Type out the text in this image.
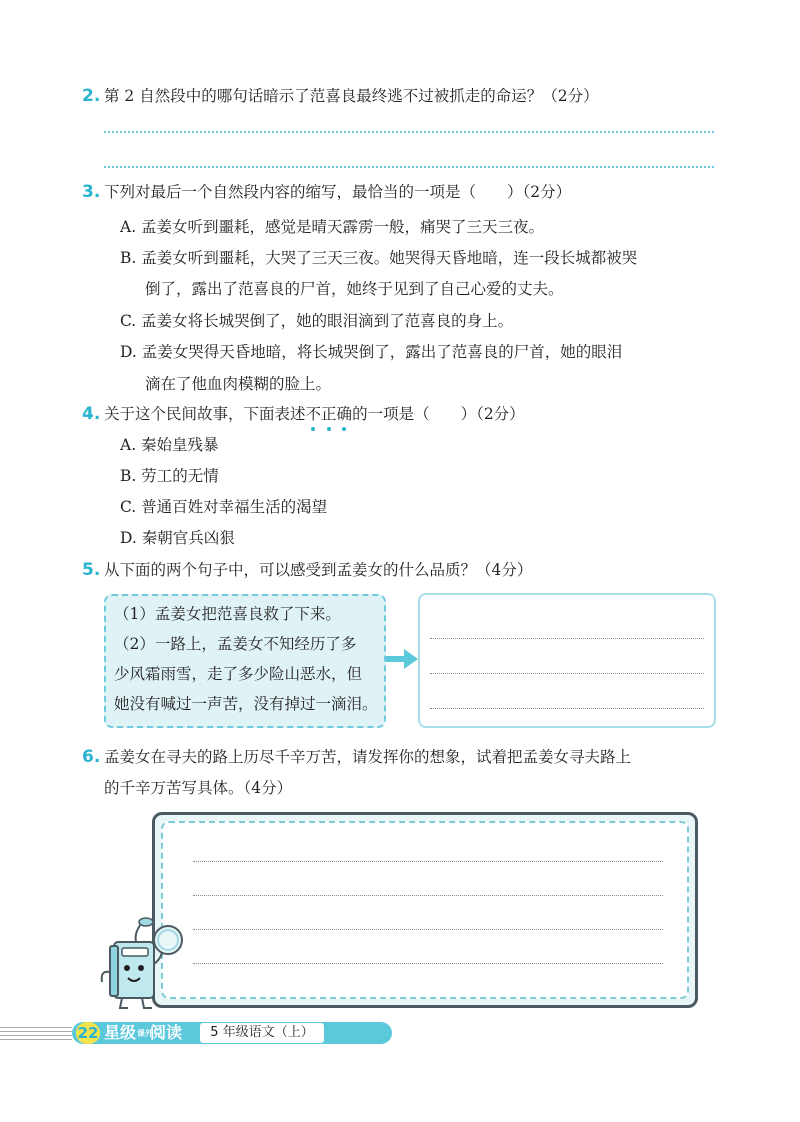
2. 第 2 自然段中的哪句话暗示了范喜良最终逃不过被抓走的命运？（2分）
3. 下列对最后一个自然段内容的缩写，最恰当的一项是（　　）（2分）
A. 孟姜女听到噩耗，感觉是晴天霹雳一般，痛哭了三天三夜。
B. 孟姜女听到噩耗，大哭了三天三夜。她哭得天昏地暗，连一段长城都被哭
倒了，露出了范喜良的尸首，她终于见到了自己心爱的丈夫。
C. 孟姜女将长城哭倒了，她的眼泪滴到了范喜良的身上。
D. 孟姜女哭得天昏地暗，将长城哭倒了，露出了范喜良的尸首，她的眼泪
滴在了他血肉模糊的脸上。
4. 关于这个民间故事，下面表述不正确的一项是（　　）（2分）
A. 秦始皇残暴
B. 劳工的无情
C. 普通百姓对幸福生活的渴望
D. 秦朝官兵凶狠
5. 从下面的两个句子中，可以感受到孟姜女的什么品质？（4分）
（1）孟姜女把范喜良救了下来。
（2）一路上，孟姜女不知经历了多
少风霜雨雪，走了多少险山恶水，但
她没有喊过一声苦，没有掉过一滴泪。
6. 孟姜女在寻夫的路上历尽千辛万苦，请发挥你的想象，试着把孟姜女寻夫路上
的千辛万苦写具体。（4分）
22 星级课外阅读	5 年级语文（上）
